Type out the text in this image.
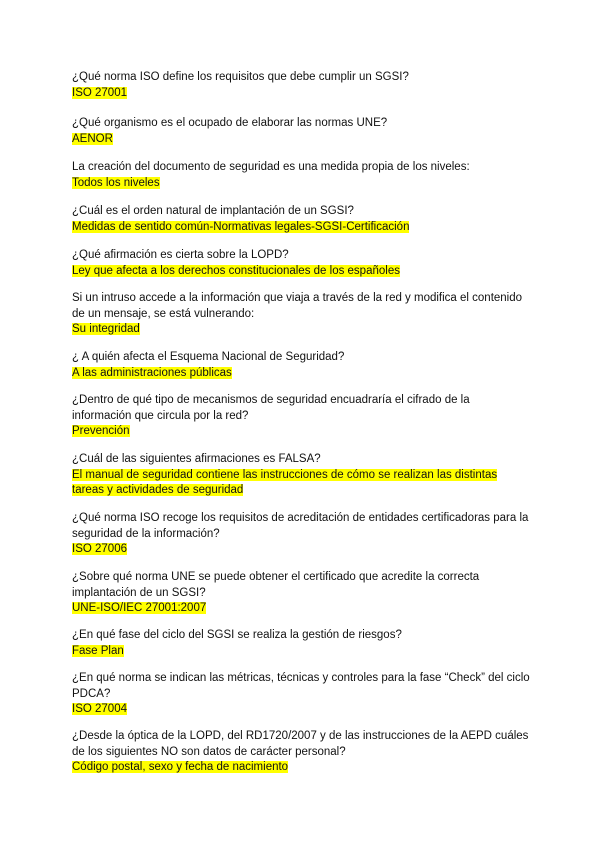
¿Qué norma ISO define los requisitos que debe cumplir un SGSI?

ISO 27001

¿Qué organismo es el ocupado de elaborar las normas UNE?

AENOR

La creación del documento de seguridad es una medida propia de los niveles:

Todos los niveles

¿Cuál es el orden natural de implantación de un SGSI?

Medidas de sentido común-Normativas legales-SGSI-Certificación

¿Qué afirmación es cierta sobre la LOPD?

Ley que afecta a los derechos constitucionales de los españoles

Si un intruso accede a la información que viaja a través de la red y modifica el contenido de un mensaje, se está vulnerando:

Su integridad

¿ A quién afecta el Esquema Nacional de Seguridad?

A las administraciones públicas

¿Dentro de qué tipo de mecanismos de seguridad encuadraría el cifrado de la información que circula por la red?

Prevención

¿Cuál de las siguientes afirmaciones es FALSA?

El manual de seguridad contiene las instrucciones de cómo se realizan las distintas tareas y actividades de seguridad

¿Qué norma ISO recoge los requisitos de acreditación de entidades certificadoras para la seguridad de la información?

ISO 27006

¿Sobre qué norma UNE se puede obtener el certificado que acredite la correcta implantación de un SGSI?

UNE-ISO/IEC 27001:2007

¿En qué fase del ciclo del SGSI se realiza la gestión de riesgos?

Fase Plan

¿En qué norma se indican las métricas, técnicas y controles para la fase “Check” del ciclo PDCA?

ISO 27004

¿Desde la óptica de la LOPD, del RD1720/2007 y de las instrucciones de la AEPD cuáles de los siguientes NO son datos de carácter personal?

Código postal, sexo y fecha de nacimiento
